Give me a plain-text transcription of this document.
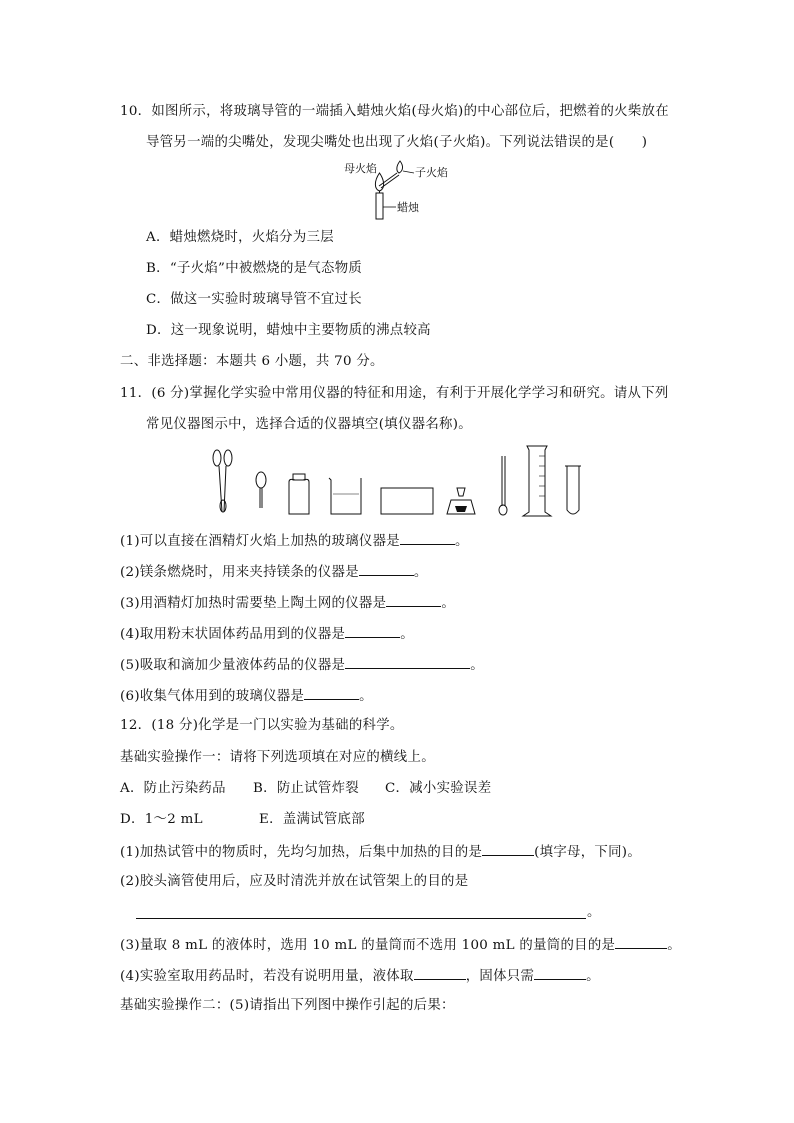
10．如图所示，将玻璃导管的一端插入蜡烛火焰(母火焰)的中心部位后，把燃着的火柴放在
导管另一端的尖嘴处，发现尖嘴处也出现了火焰(子火焰)。下列说法错误的是(　　)
母火焰	子火焰
蜡烛
A．蜡烛燃烧时，火焰分为三层
B．“子火焰”中被燃烧的是气态物质
C．做这一实验时玻璃导管不宜过长
D．这一现象说明，蜡烛中主要物质的沸点较高
二、非选择题：本题共 6 小题，共 70 分。
11．(6 分)掌握化学实验中常用仪器的特征和用途，有利于开展化学学习和研究。请从下列
常见仪器图示中，选择合适的仪器填空(填仪器名称)。
(1)可以直接在酒精灯火焰上加热的玻璃仪器是	。
(2)镁条燃烧时，用来夹持镁条的仪器是	。
(3)用酒精灯加热时需要垫上陶土网的仪器是	。
(4)取用粉末状固体药品用到的仪器是	。
(5)吸取和滴加少量液体药品的仪器是	。
(6)收集气体用到的玻璃仪器是	。
12．(18 分)化学是一门以实验为基础的科学。
基础实验操作一：请将下列选项填在对应的横线上。
A．防止污染药品 B．防止试管炸裂 C．减小实验误差
D．1～2 mL	E．盖满试管底部
(1)加热试管中的物质时，先均匀加热，后集中加热的目的是	(填字母，下同)。
(2)胶头滴管使用后，应及时清洗并放在试管架上的目的是
。
(3)量取 8 mL 的液体时，选用 10 mL 的量筒而不选用 100 mL 的量筒的目的是	。
(4)实验室取用药品时，若没有说明用量，液体取	，固体只需	。
基础实验操作二：(5)请指出下列图中操作引起的后果：
